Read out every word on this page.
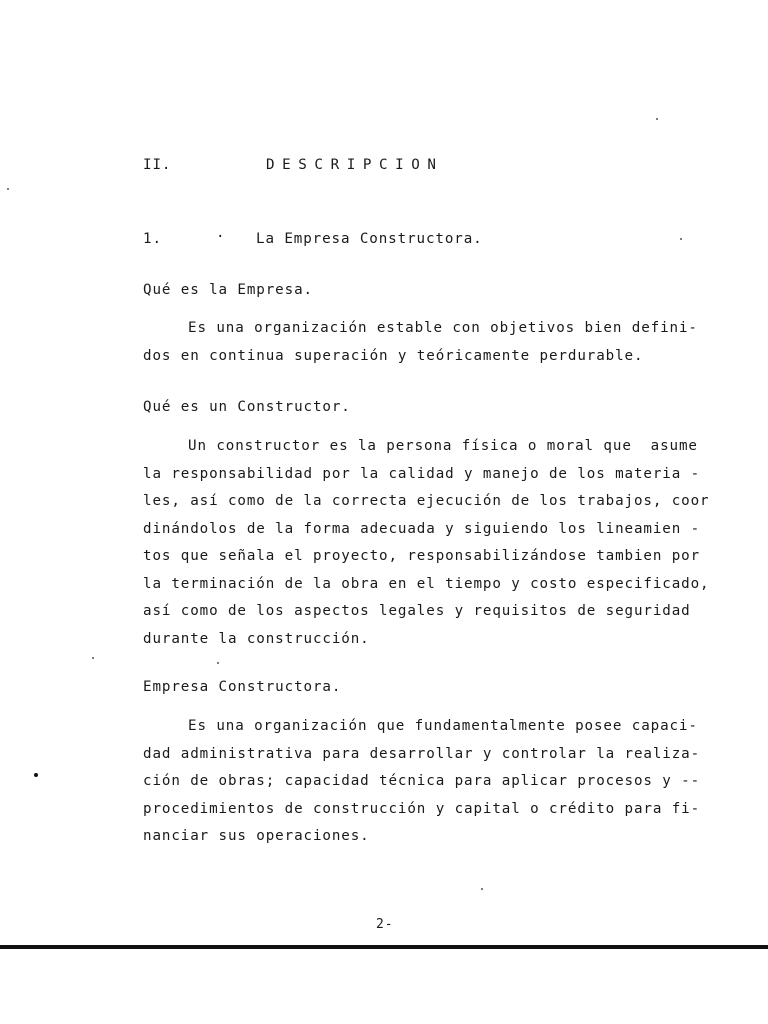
II.	DESCRIPCION
1.	· La Empresa Constructora.
Qué es la Empresa.
Es una organización estable con objetivos bien defini-
dos en continua superación y teóricamente perdurable.
Qué es un Constructor.
Un constructor es la persona física o moral que  asume
la responsabilidad por la calidad y manejo de los materia -
les, así como de la correcta ejecución de los trabajos, coor
dinándolos de la forma adecuada y siguiendo los lineamien -
tos que señala el proyecto, responsabilizándose tambien por
la terminación de la obra en el tiempo y costo especificado,
así como de los aspectos legales y requisitos de seguridad
durante la construcción.
Empresa Constructora.
Es una organización que fundamentalmente posee capaci-
dad administrativa para desarrollar y controlar la realiza-
ción de obras; capacidad técnica para aplicar procesos y --
procedimientos de construcción y capital o crédito para fi-
nanciar sus operaciones.
2-
